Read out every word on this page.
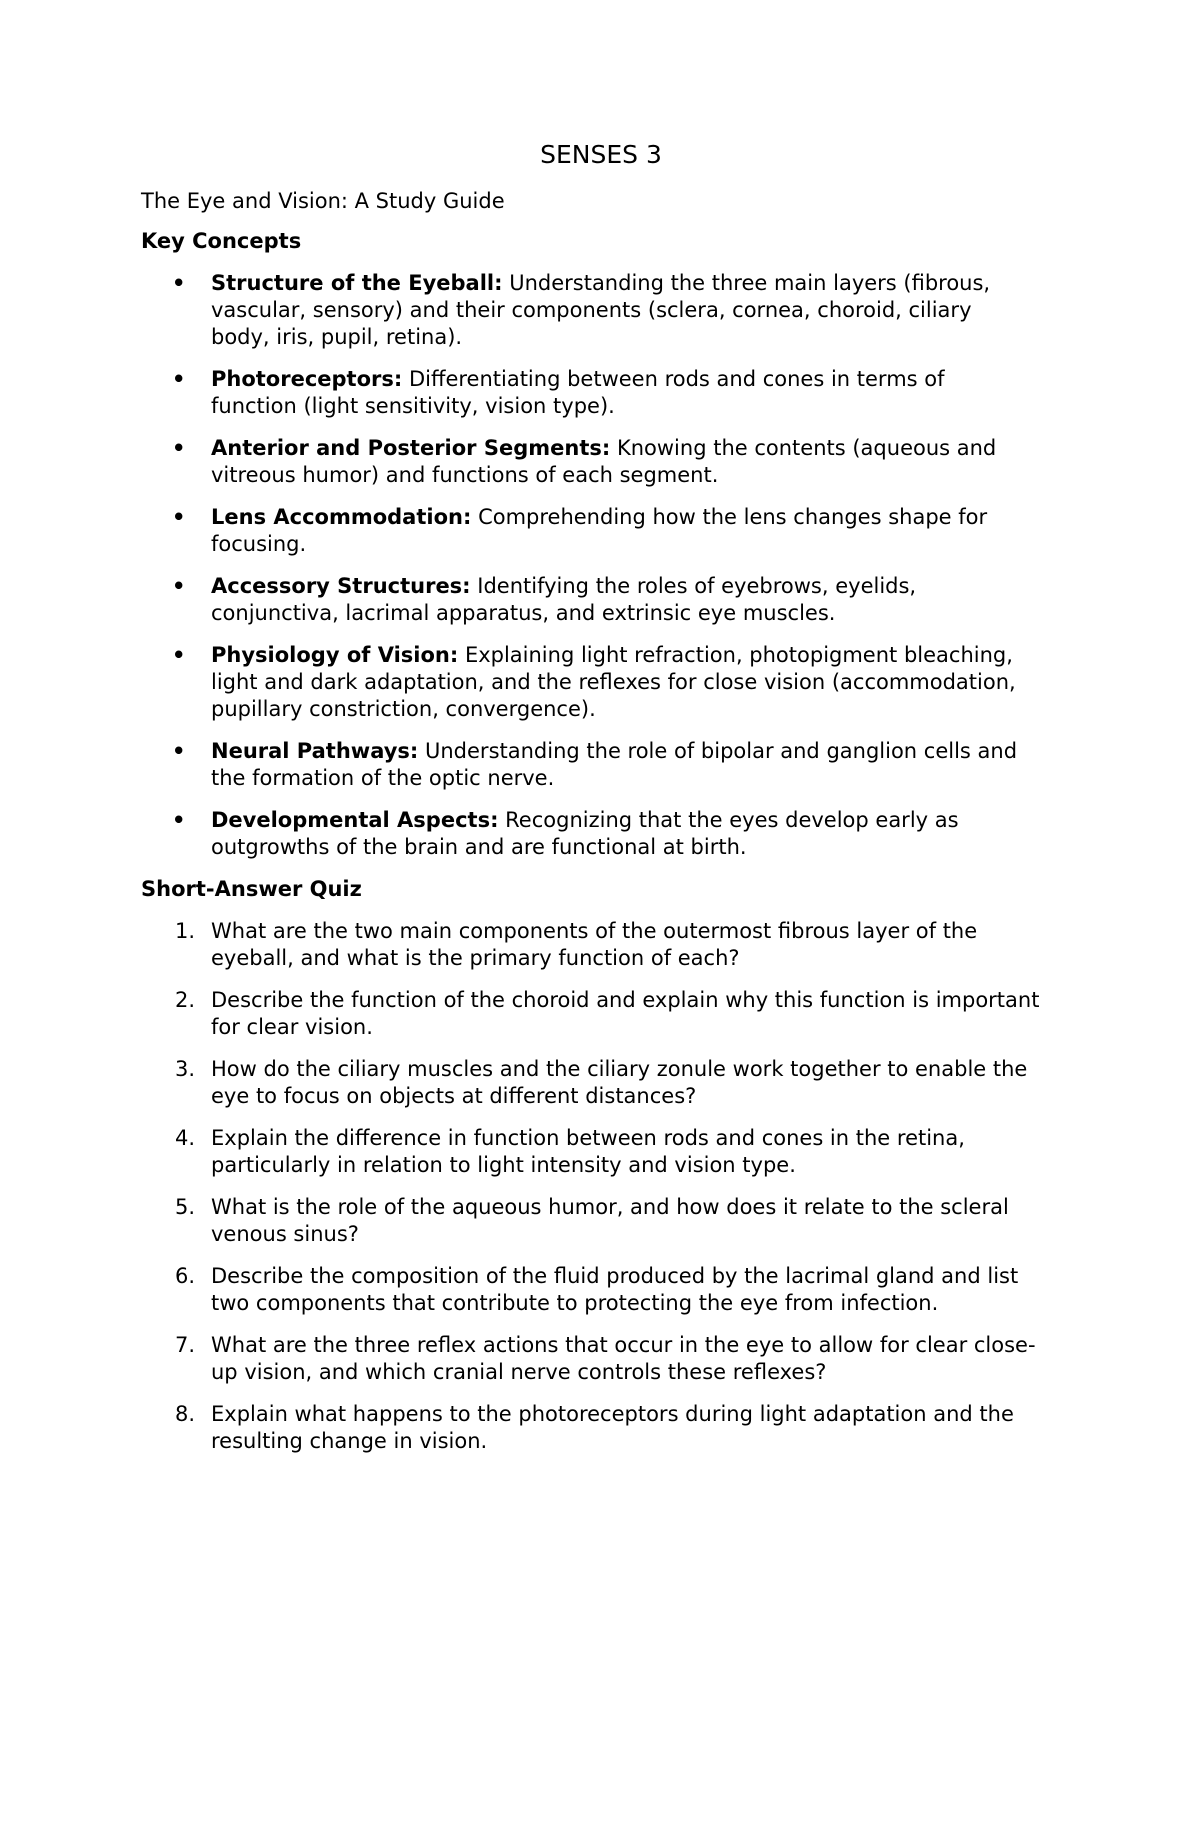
SENSES 3

The Eye and Vision: A Study Guide

Key Concepts
• Structure of the Eyeball: Understanding the three main layers (fibrous, vascular, sensory) and their components (sclera, cornea, choroid, ciliary body, iris, pupil, retina).
• Photoreceptors: Differentiating between rods and cones in terms of function (light sensitivity, vision type).
• Anterior and Posterior Segments: Knowing the contents (aqueous and vitreous humor) and functions of each segment.
• Lens Accommodation: Comprehending how the lens changes shape for focusing.
• Accessory Structures: Identifying the roles of eyebrows, eyelids, conjunctiva, lacrimal apparatus, and extrinsic eye muscles.
• Physiology of Vision: Explaining light refraction, photopigment bleaching, light and dark adaptation, and the reflexes for close vision (accommodation, pupillary constriction, convergence).
• Neural Pathways: Understanding the role of bipolar and ganglion cells and the formation of the optic nerve.
• Developmental Aspects: Recognizing that the eyes develop early as outgrowths of the brain and are functional at birth.
Short-Answer Quiz
1. What are the two main components of the outermost fibrous layer of the eyeball, and what is the primary function of each?
2. Describe the function of the choroid and explain why this function is important for clear vision.
3. How do the ciliary muscles and the ciliary zonule work together to enable the eye to focus on objects at different distances?
4. Explain the difference in function between rods and cones in the retina, particularly in relation to light intensity and vision type.
5. What is the role of the aqueous humor, and how does it relate to the scleral venous sinus?
6. Describe the composition of the fluid produced by the lacrimal gland and list two components that contribute to protecting the eye from infection.
7. What are the three reflex actions that occur in the eye to allow for clear close-up vision, and which cranial nerve controls these reflexes?
8. Explain what happens to the photoreceptors during light adaptation and the resulting change in vision.
